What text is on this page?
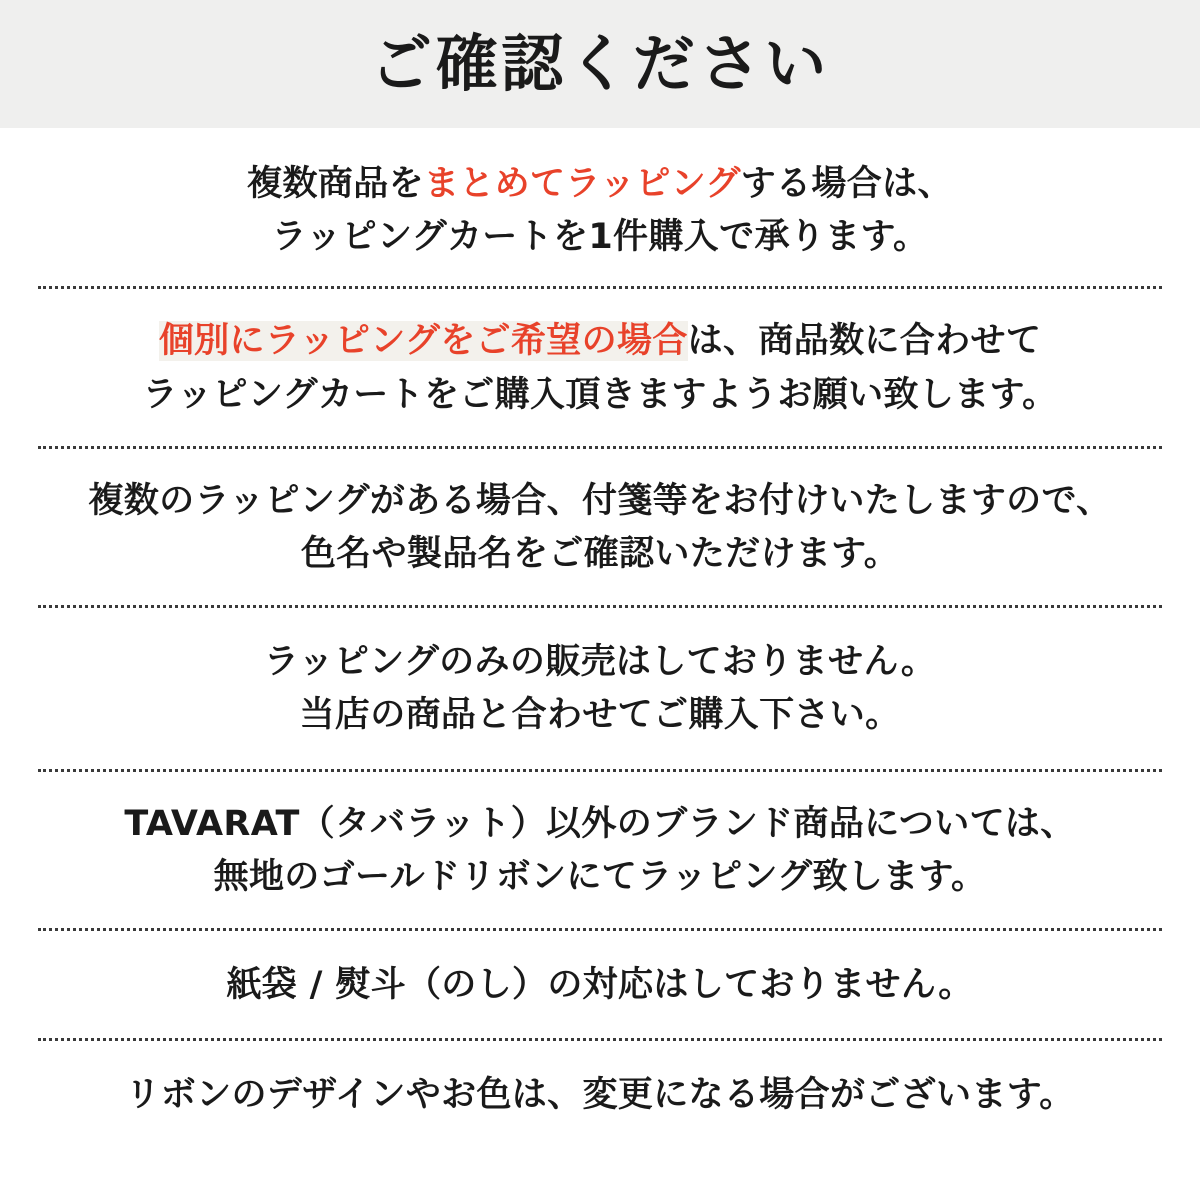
ご確認ください
複数商品をまとめてラッピングする場合は、
ラッピングカートを1件購入で承ります。
個別にラッピングをご希望の場合は、商品数に合わせて
ラッピングカートをご購入頂きますようお願い致します。
複数のラッピングがある場合、付箋等をお付けいたしますので、
色名や製品名をご確認いただけます。
ラッピングのみの販売はしておりません。
当店の商品と合わせてご購入下さい。
TAVARAT（タバラット）以外のブランド商品については、
無地のゴールドリボンにてラッピング致します。
紙袋 / 熨斗（のし）の対応はしておりません。
リボンのデザインやお色は、変更になる場合がございます。
